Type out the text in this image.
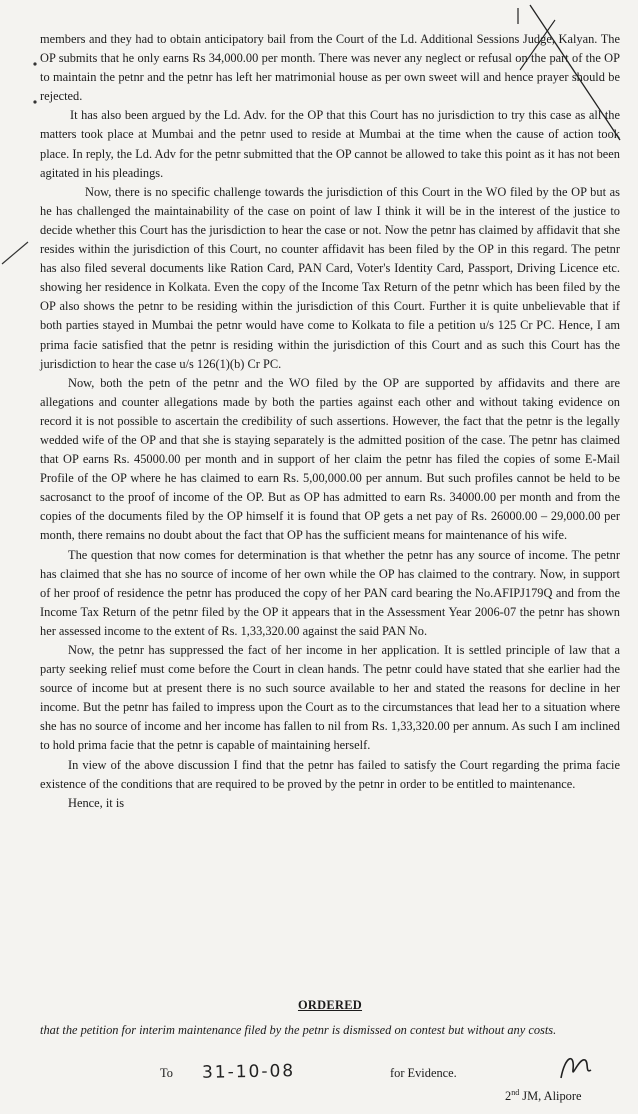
members and they had to obtain anticipatory bail from the Court of the Ld. Additional Sessions Judge, Kalyan. The OP submits that he only earns Rs 34,000.00 per month. There was never any neglect or refusal on the part of the OP to maintain the petnr and the petnr has left her matrimonial house as per own sweet will and hence prayer should be rejected.

It has also been argued by the Ld. Adv. for the OP that this Court has no jurisdiction to try this case as all the matters took place at Mumbai and the petnr used to reside at Mumbai at the time when the cause of action took place. In reply, the Ld. Adv for the petnr submitted that the OP cannot be allowed to take this point as it has not been agitated in his pleadings.

Now, there is no specific challenge towards the jurisdiction of this Court in the WO filed by the OP but as he has challenged the maintainability of the case on point of law I think it will be in the interest of the justice to decide whether this Court has the jurisdiction to hear the case or not. Now the petnr has claimed by affidavit that she resides within the jurisdiction of this Court, no counter affidavit has been filed by the OP in this regard. The petnr has also filed several documents like Ration Card, PAN Card, Voter's Identity Card, Passport, Driving Licence etc. showing her residence in Kolkata. Even the copy of the Income Tax Return of the petnr which has been filed by the OP also shows the petnr to be residing within the jurisdiction of this Court. Further it is quite unbelievable that if both parties stayed in Mumbai the petnr would have come to Kolkata to file a petition u/s 125 Cr PC. Hence, I am prima facie satisfied that the petnr is residing within the jurisdiction of this Court and as such this Court has the jurisdiction to hear the case u/s 126(1)(b) Cr PC.

Now, both the petn of the petnr and the WO filed by the OP are supported by affidavits and there are allegations and counter allegations made by both the parties against each other and without taking evidence on record it is not possible to ascertain the credibility of such assertions. However, the fact that the petnr is the legally wedded wife of the OP and that she is staying separately is the admitted position of the case. The petnr has claimed that OP earns Rs. 45000.00 per month and in support of her claim the petnr has filed the copies of some E-Mail Profile of the OP where he has claimed to earn Rs. 5,00,000.00 per annum. But such profiles cannot be held to be sacrosanct to the proof of income of the OP. But as OP has admitted to earn Rs. 34000.00 per month and from the copies of the documents filed by the OP himself it is found that OP gets a net pay of Rs. 26000.00 – 29,000.00 per month, there remains no doubt about the fact that OP has the sufficient means for maintenance of his wife.

The question that now comes for determination is that whether the petnr has any source of income. The petnr has claimed that she has no source of income of her own while the OP has claimed to the contrary. Now, in support of her proof of residence the petnr has produced the copy of her PAN card bearing the No.AFIPJ179Q and from the Income Tax Return of the petnr filed by the OP it appears that in the Assessment Year 2006-07 the petnr has shown her assessed income to the extent of Rs. 1,33,320.00 against the said PAN No.

Now, the petnr has suppressed the fact of her income in her application. It is settled principle of law that a party seeking relief must come before the Court in clean hands. The petnr could have stated that she earlier had the source of income but at present there is no such source available to her and stated the reasons for decline in her income. But the petnr has failed to impress upon the Court as to the circumstances that lead her to a situation where she has no source of income and her income has fallen to nil from Rs. 1,33,320.00 per annum. As such I am inclined to hold prima facie that the petnr is capable of maintaining herself.

In view of the above discussion I find that the petnr has failed to satisfy the Court regarding the prima facie existence of the conditions that are required to be proved by the petnr in order to be entitled to maintenance.

Hence, it is

ORDERED

that the petition for interim maintenance filed by the petnr is dismissed on contest but without any costs.

To 31-10-08	for Evidence.
2nd JM, Alipore
